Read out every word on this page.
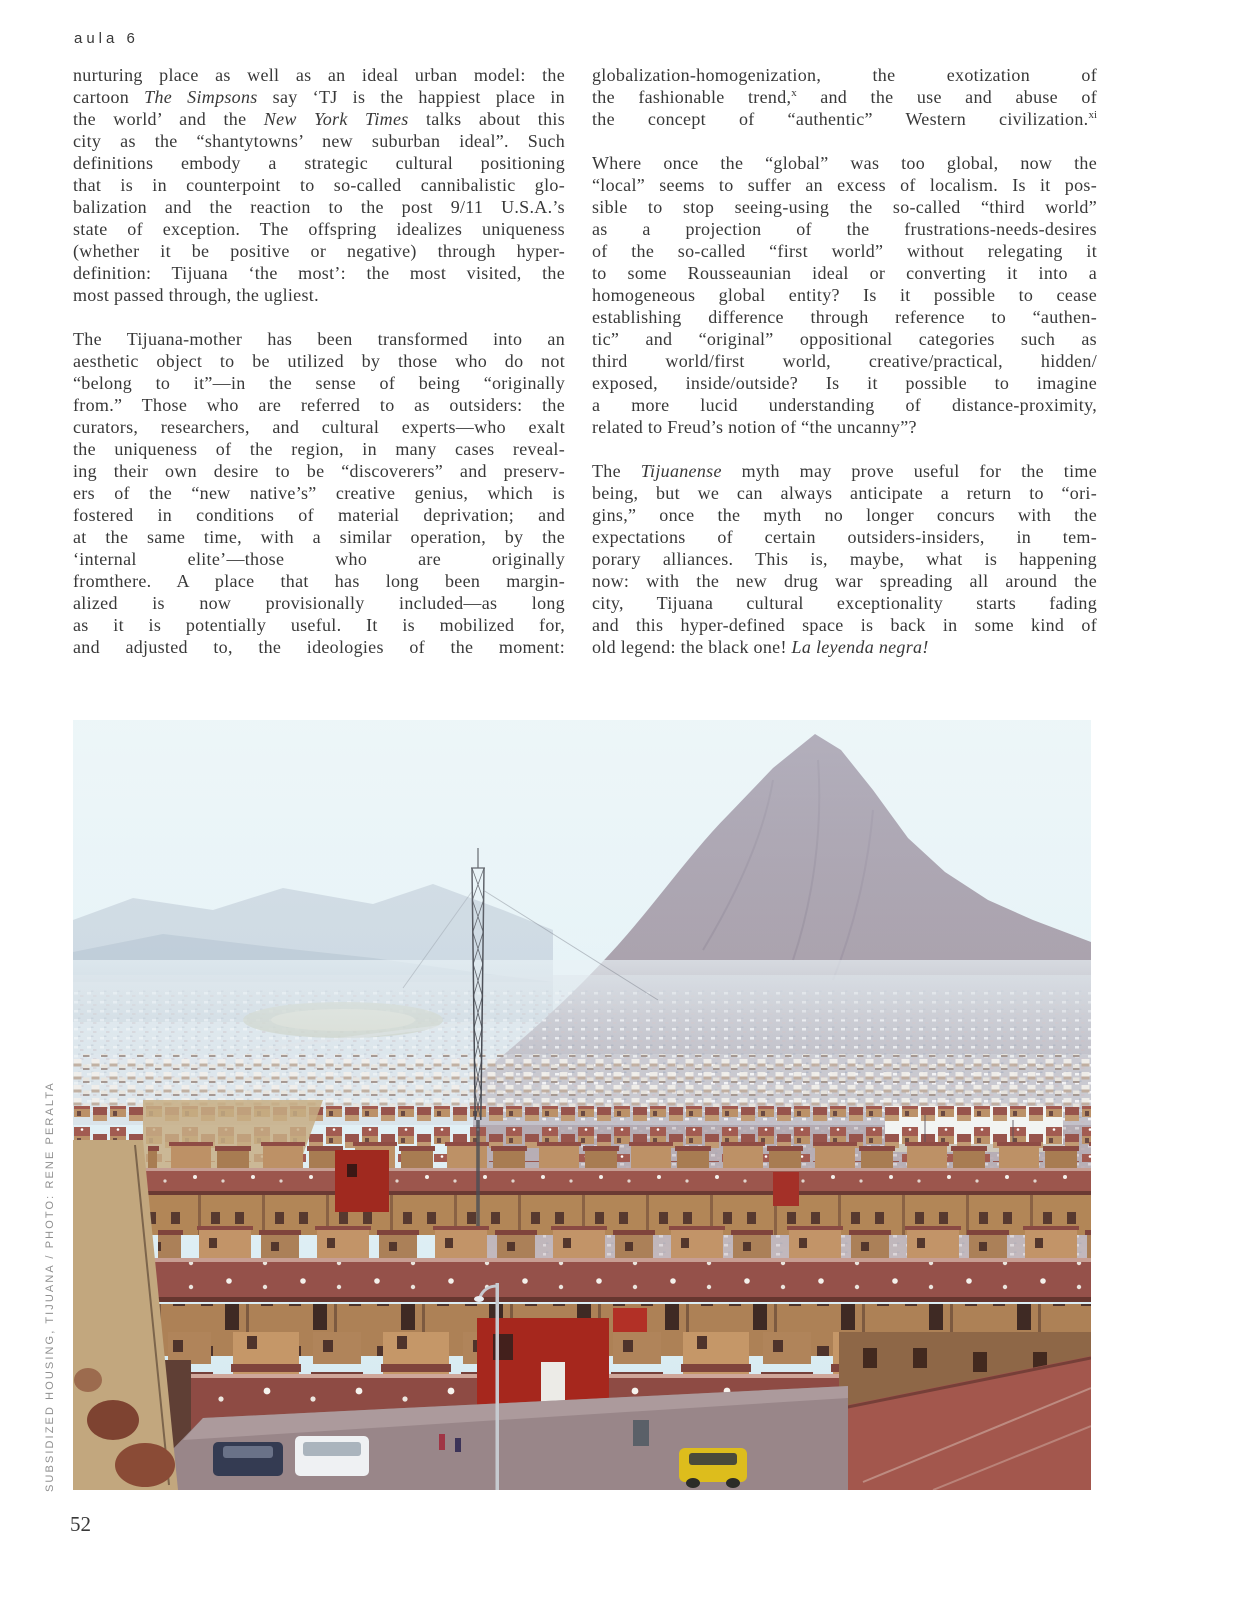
aula 6
nurturing place as well as an ideal urban model: the
cartoon The Simpsons say ‘TJ is the happiest place in
the world’ and the New York Times talks about this
city as the “shantytowns’ new suburban ideal”. Such
definitions embody a strategic cultural positioning
that is in counterpoint to so-called cannibalistic glo-
balization and the reaction to the post 9/11 U.S.A.’s
state of exception. The offspring idealizes uniqueness
(whether it be positive or negative) through hyper-
definition: Tijuana ‘the most’: the most visited, the
most passed through, the ugliest.
The Tijuana-mother has been transformed into an
aesthetic object to be utilized by those who do not
“belong to it”—in the sense of being “originally
from.” Those who are referred to as outsiders: the
curators, researchers, and cultural experts—who exalt
the uniqueness of the region, in many cases reveal-
ing their own desire to be “discoverers” and preserv-
ers of the “new native’s” creative genius, which is
fostered in conditions of material deprivation; and
at the same time, with a similar operation, by the
‘internal elite’—those who are originally
fromthere. A place that has long been margin-
alized is now provisionally included—as long
as it is potentially useful. It is mobilized for,
and adjusted to, the ideologies of the moment:
globalization-homogenization, the exotization of
the fashionable trend,$^x$ and the use and abuse of
the concept of “authentic” Western civilization.$^{xi}$
Where once the “global” was too global, now the
“local” seems to suffer an excess of localism. Is it pos-
sible to stop seeing-using the so-called “third world”
as a projection of the frustrations-needs-desires
of the so-called “first world” without relegating it
to some Rousseaunian ideal or converting it into a
homogeneous global entity? Is it possible to cease
establishing difference through reference to “authen-
tic” and “original” oppositional categories such as
third world/first world, creative/practical, hidden/
exposed, inside/outside? Is it possible to imagine
a more lucid understanding of distance-proximity,
related to Freud’s notion of “the uncanny”?
The Tijuanense myth may prove useful for the time
being, but we can always anticipate a return to “ori-
gins,” once the myth no longer concurs with the
expectations of certain outsiders-insiders, in tem-
porary alliances. This is, maybe, what is happening
now: with the new drug war spreading all around the
city, Tijuana cultural exceptionality starts fading
and this hyper-defined space is back in some kind of
old legend: the black one! La leyenda negra!
SUBSIDIZED HOUSING, TIJUANA / PHOTO: RENE PERALTA
52
